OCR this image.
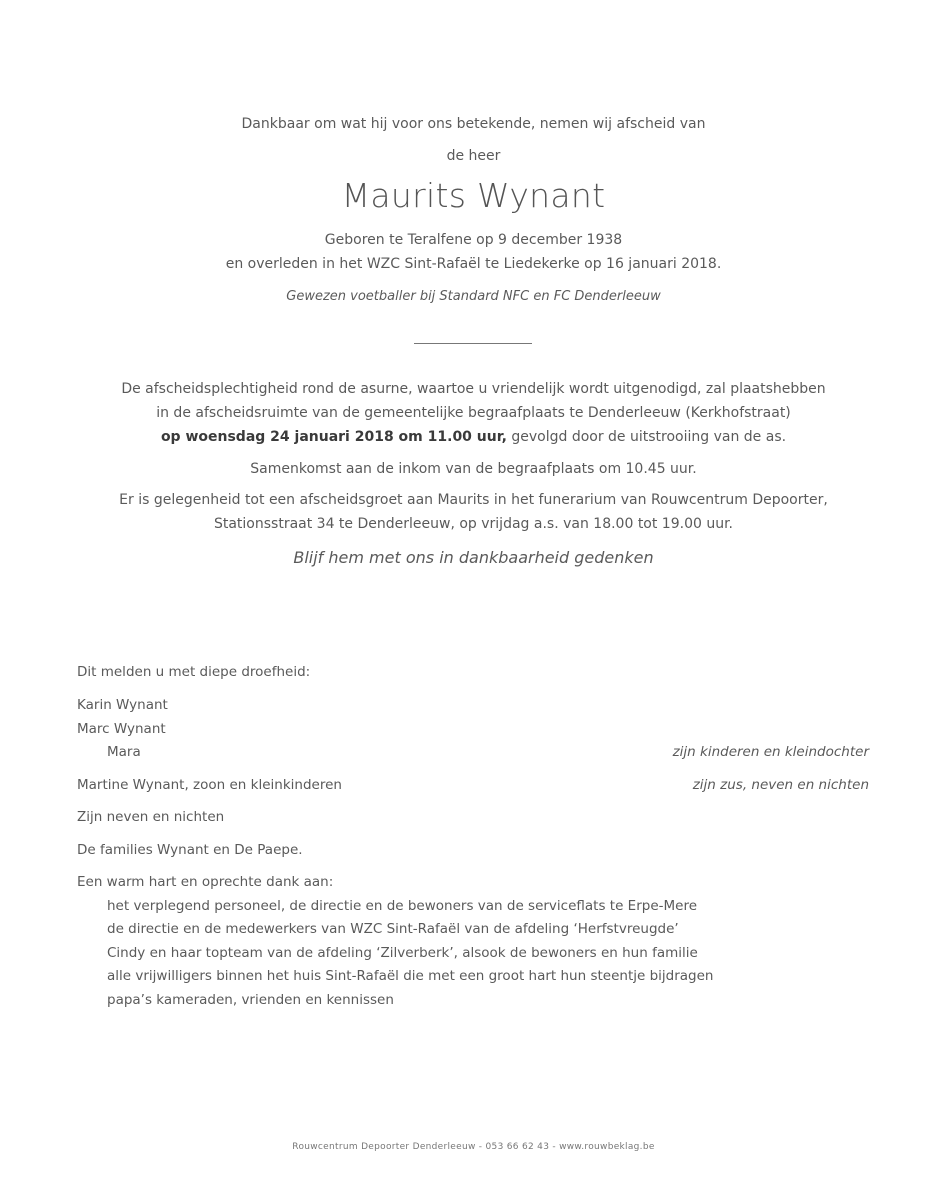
Dankbaar om wat hij voor ons betekende, nemen wij afscheid van
de heer
Maurits Wynant
Geboren te Teralfene op 9 december 1938
en overleden in het WZC Sint-Rafaël te Liedekerke op 16 januari 2018.
Gewezen voetballer bij Standard NFC en FC Denderleeuw
De afscheidsplechtigheid rond de asurne, waartoe u vriendelijk wordt uitgenodigd, zal plaatshebben
in de afscheidsruimte van de gemeentelijke begraafplaats te Denderleeuw (Kerkhofstraat)
op woensdag 24 januari 2018 om 11.00 uur, gevolgd door de uitstrooiing van de as.
Samenkomst aan de inkom van de begraafplaats om 10.45 uur.
Er is gelegenheid tot een afscheidsgroet aan Maurits in het funerarium van Rouwcentrum Depoorter,
Stationsstraat 34 te Denderleeuw, op vrijdag a.s. van 18.00 tot 19.00 uur.
Blijf hem met ons in dankbaarheid gedenken
Dit melden u met diepe droefheid:
Karin Wynant
Marc Wynant
Mara	zijn kinderen en kleindochter
Martine Wynant, zoon en kleinkinderen	zijn zus, neven en nichten
Zijn neven en nichten
De families Wynant en De Paepe.
Een warm hart en oprechte dank aan:
het verplegend personeel, de directie en de bewoners van de serviceflats te Erpe-Mere
de directie en de medewerkers van WZC Sint-Rafaël van de afdeling ‘Herfstvreugde’
Cindy en haar topteam van de afdeling ‘Zilverberk’, alsook de bewoners en hun familie
alle vrijwilligers binnen het huis Sint-Rafaël die met een groot hart hun steentje bijdragen
papa’s kameraden, vrienden en kennissen
Rouwcentrum Depoorter Denderleeuw - 053 66 62 43 - www.rouwbeklag.be
